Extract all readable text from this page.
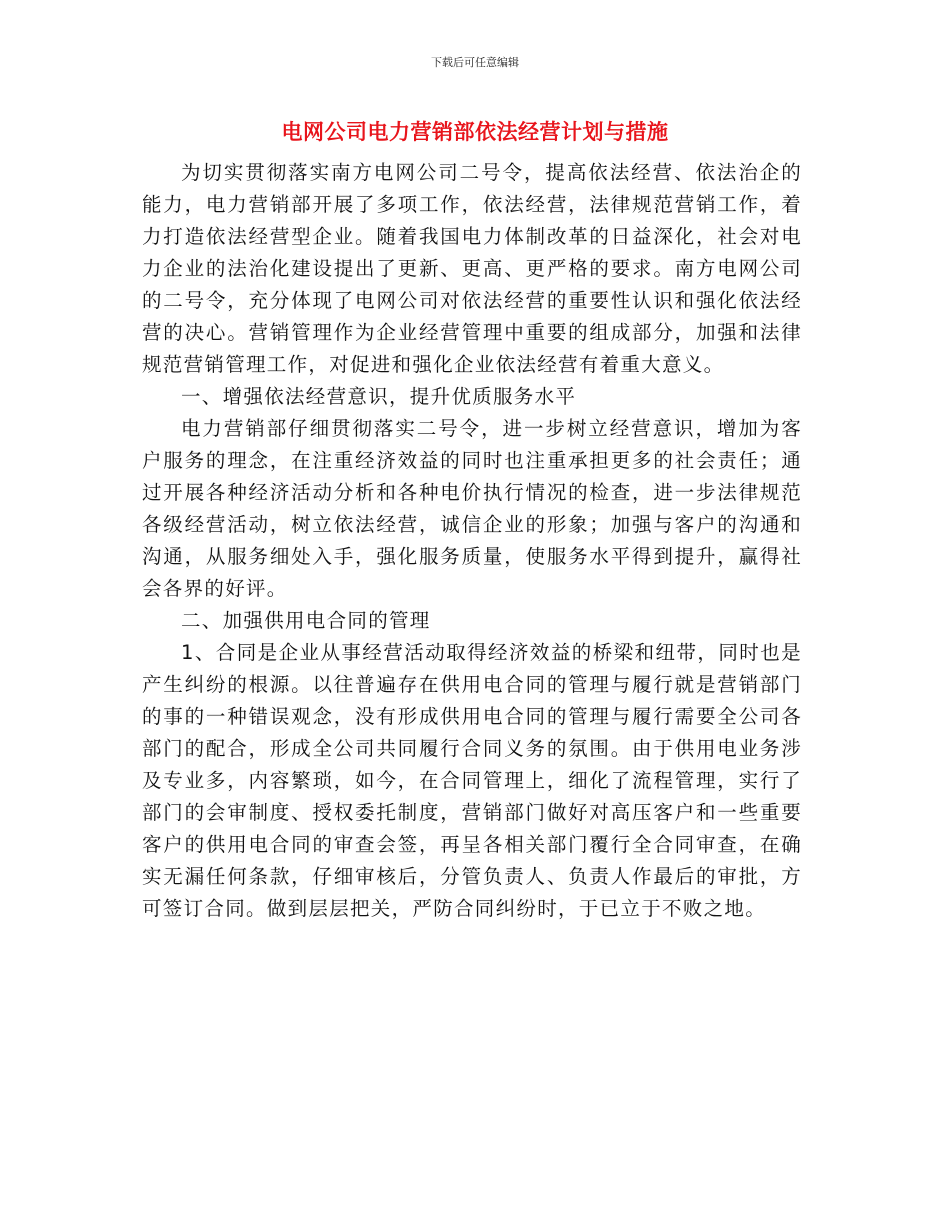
下载后可任意编辑
电网公司电力营销部依法经营计划与措施

为切实贯彻落实南方电网公司二号令，提高依法经营、依法治企的能力，电力营销部开展了多项工作，依法经营，法律规范营销工作，着力打造依法经营型企业。随着我国电力体制改革的日益深化，社会对电力企业的法治化建设提出了更新、更高、更严格的要求。南方电网公司的二号令，充分体现了电网公司对依法经营的重要性认识和强化依法经营的决心。营销管理作为企业经营管理中重要的组成部分，加强和法律规范营销管理工作，对促进和强化企业依法经营有着重大意义。

一、增强依法经营意识，提升优质服务水平

电力营销部仔细贯彻落实二号令，进一步树立经营意识，增加为客户服务的理念，在注重经济效益的同时也注重承担更多的社会责任；通过开展各种经济活动分析和各种电价执行情况的检查，进一步法律规范各级经营活动，树立依法经营，诚信企业的形象；加强与客户的沟通和沟通，从服务细处入手，强化服务质量，使服务水平得到提升，赢得社会各界的好评。

二、加强供用电合同的管理

1、合同是企业从事经营活动取得经济效益的桥梁和纽带，同时也是产生纠纷的根源。以往普遍存在供用电合同的管理与履行就是营销部门的事的一种错误观念，没有形成供用电合同的管理与履行需要全公司各部门的配合，形成全公司共同履行合同义务的氛围。由于供用电业务涉及专业多，内容繁琐，如今，在合同管理上，细化了流程管理，实行了部门的会审制度、授权委托制度，营销部门做好对高压客户和一些重要客户的供用电合同的审查会签，再呈各相关部门覆行全合同审查，在确实无漏任何条款，仔细审核后，分管负责人、负责人作最后的审批，方可签订合同。做到层层把关，严防合同纠纷时，于已立于不败之地。
